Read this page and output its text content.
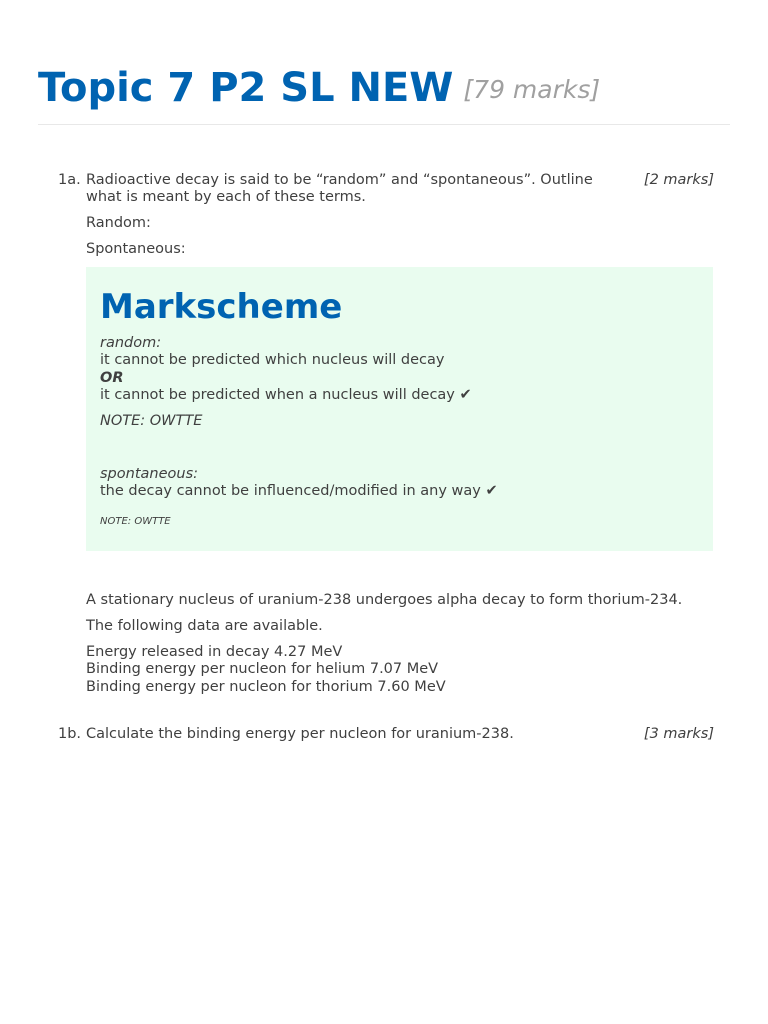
Topic 7 P2 SL NEW [79 marks]
1a. Radioactive decay is said to be “random” and “spontaneous”. Outline what is meant by each of these terms.
[2 marks]
Random:
Spontaneous:
Markscheme
random:
it cannot be predicted which nucleus will decay
OR
it cannot be predicted when a nucleus will decay ✔
NOTE: OWTTE
spontaneous:
the decay cannot be influenced/modified in any way ✔
NOTE: OWTTE
A stationary nucleus of uranium-238 undergoes alpha decay to form thorium-234.
The following data are available.
Energy released in decay 4.27 MeV
Binding energy per nucleon for helium 7.07 MeV
Binding energy per nucleon for thorium 7.60 MeV
1b. Calculate the binding energy per nucleon for uranium-238.	[3 marks]
